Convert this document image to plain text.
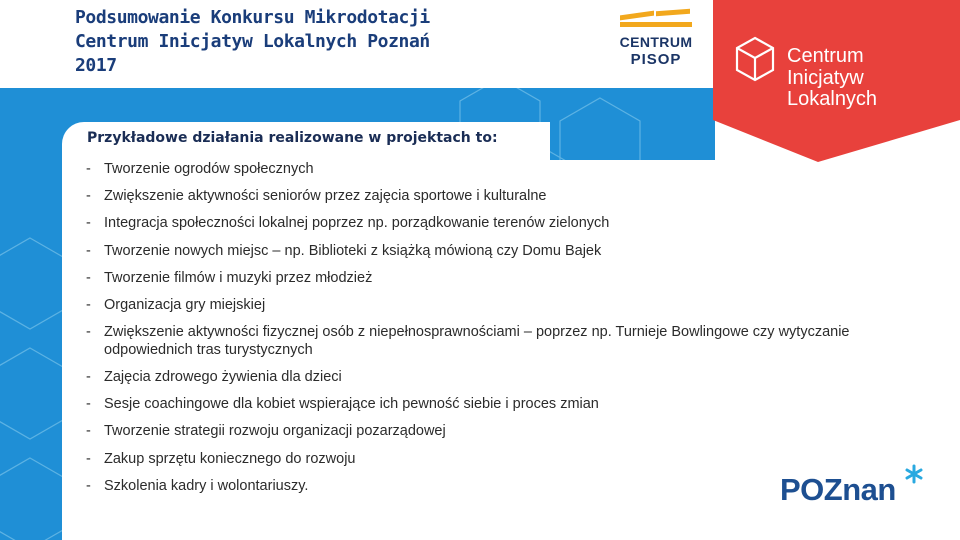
Podsumowanie Konkursu Mikrodotacji
Centrum Inicjatyw Lokalnych Poznań
2017
CENTRUM
PISOP	Centrum
Inicjatyw
Lokalnych
Przykładowe działania realizowane w projektach to:
- Tworzenie ogrodów społecznych
- Zwiększenie aktywności seniorów przez zajęcia sportowe i kulturalne
- Integracja społeczności lokalnej poprzez np. porządkowanie terenów zielonych
- Tworzenie nowych miejsc – np. Biblioteki z książką mówioną czy Domu Bajek
- Tworzenie filmów i muzyki przez młodzież
- Organizacja gry miejskiej
- Zwiększenie aktywności fizycznej osób z niepełnosprawnościami – poprzez np. Turnieje Bowlingowe czy wytyczanie odpowiednich tras turystycznych
- Zajęcia zdrowego żywienia dla dzieci
- Sesje coachingowe dla kobiet wspierające ich pewność siebie i proces zmian
- Tworzenie strategii rozwoju organizacji pozarządowej
- Zakup sprzętu koniecznego do rozwoju
- Szkolenia kadry i wolontariuszy.	POZnan
